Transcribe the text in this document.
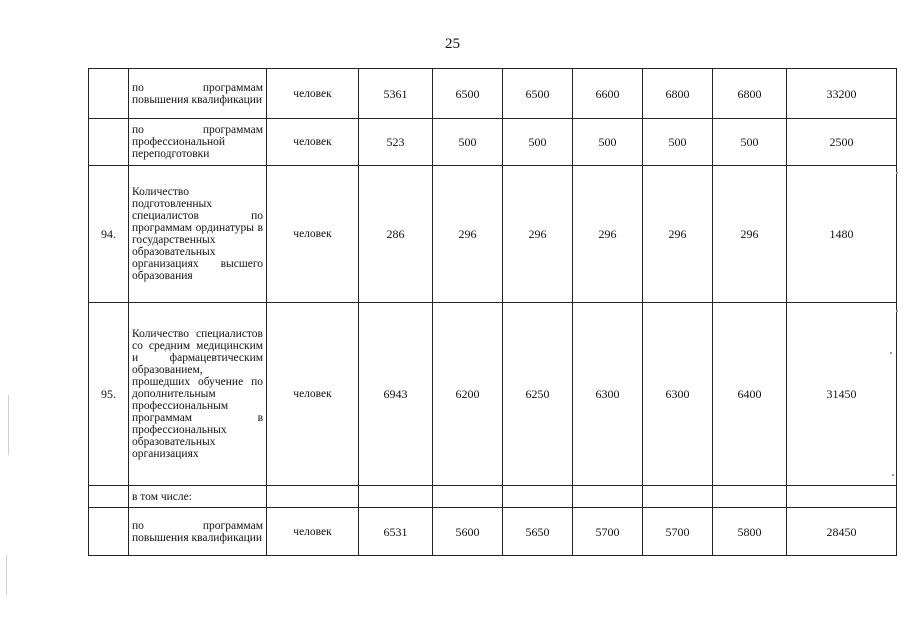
25
	по программам повышения квалификации	человек	5361	6500	6500	6600	6800	6800	33200
	по программам профессиональной переподготовки	человек	523	500	500	500	500	500	2500
94.	Количество подготовленных специалистов по программам ординатуры в государственных образовательных организациях высшего образования	человек	286	296	296	296	296	296	1480
95.	Количество специалистов со средним медицинским и фармацевтическим образованием, прошедших обучение по дополнительным профессиональным программам в профессиональных образовательных организациях	человек	6943	6200	6250	6300	6300	6400	31450
	в том числе:								
	по программам повышения квалификации	человек	6531	5600	5650	5700	5700	5800	28450
